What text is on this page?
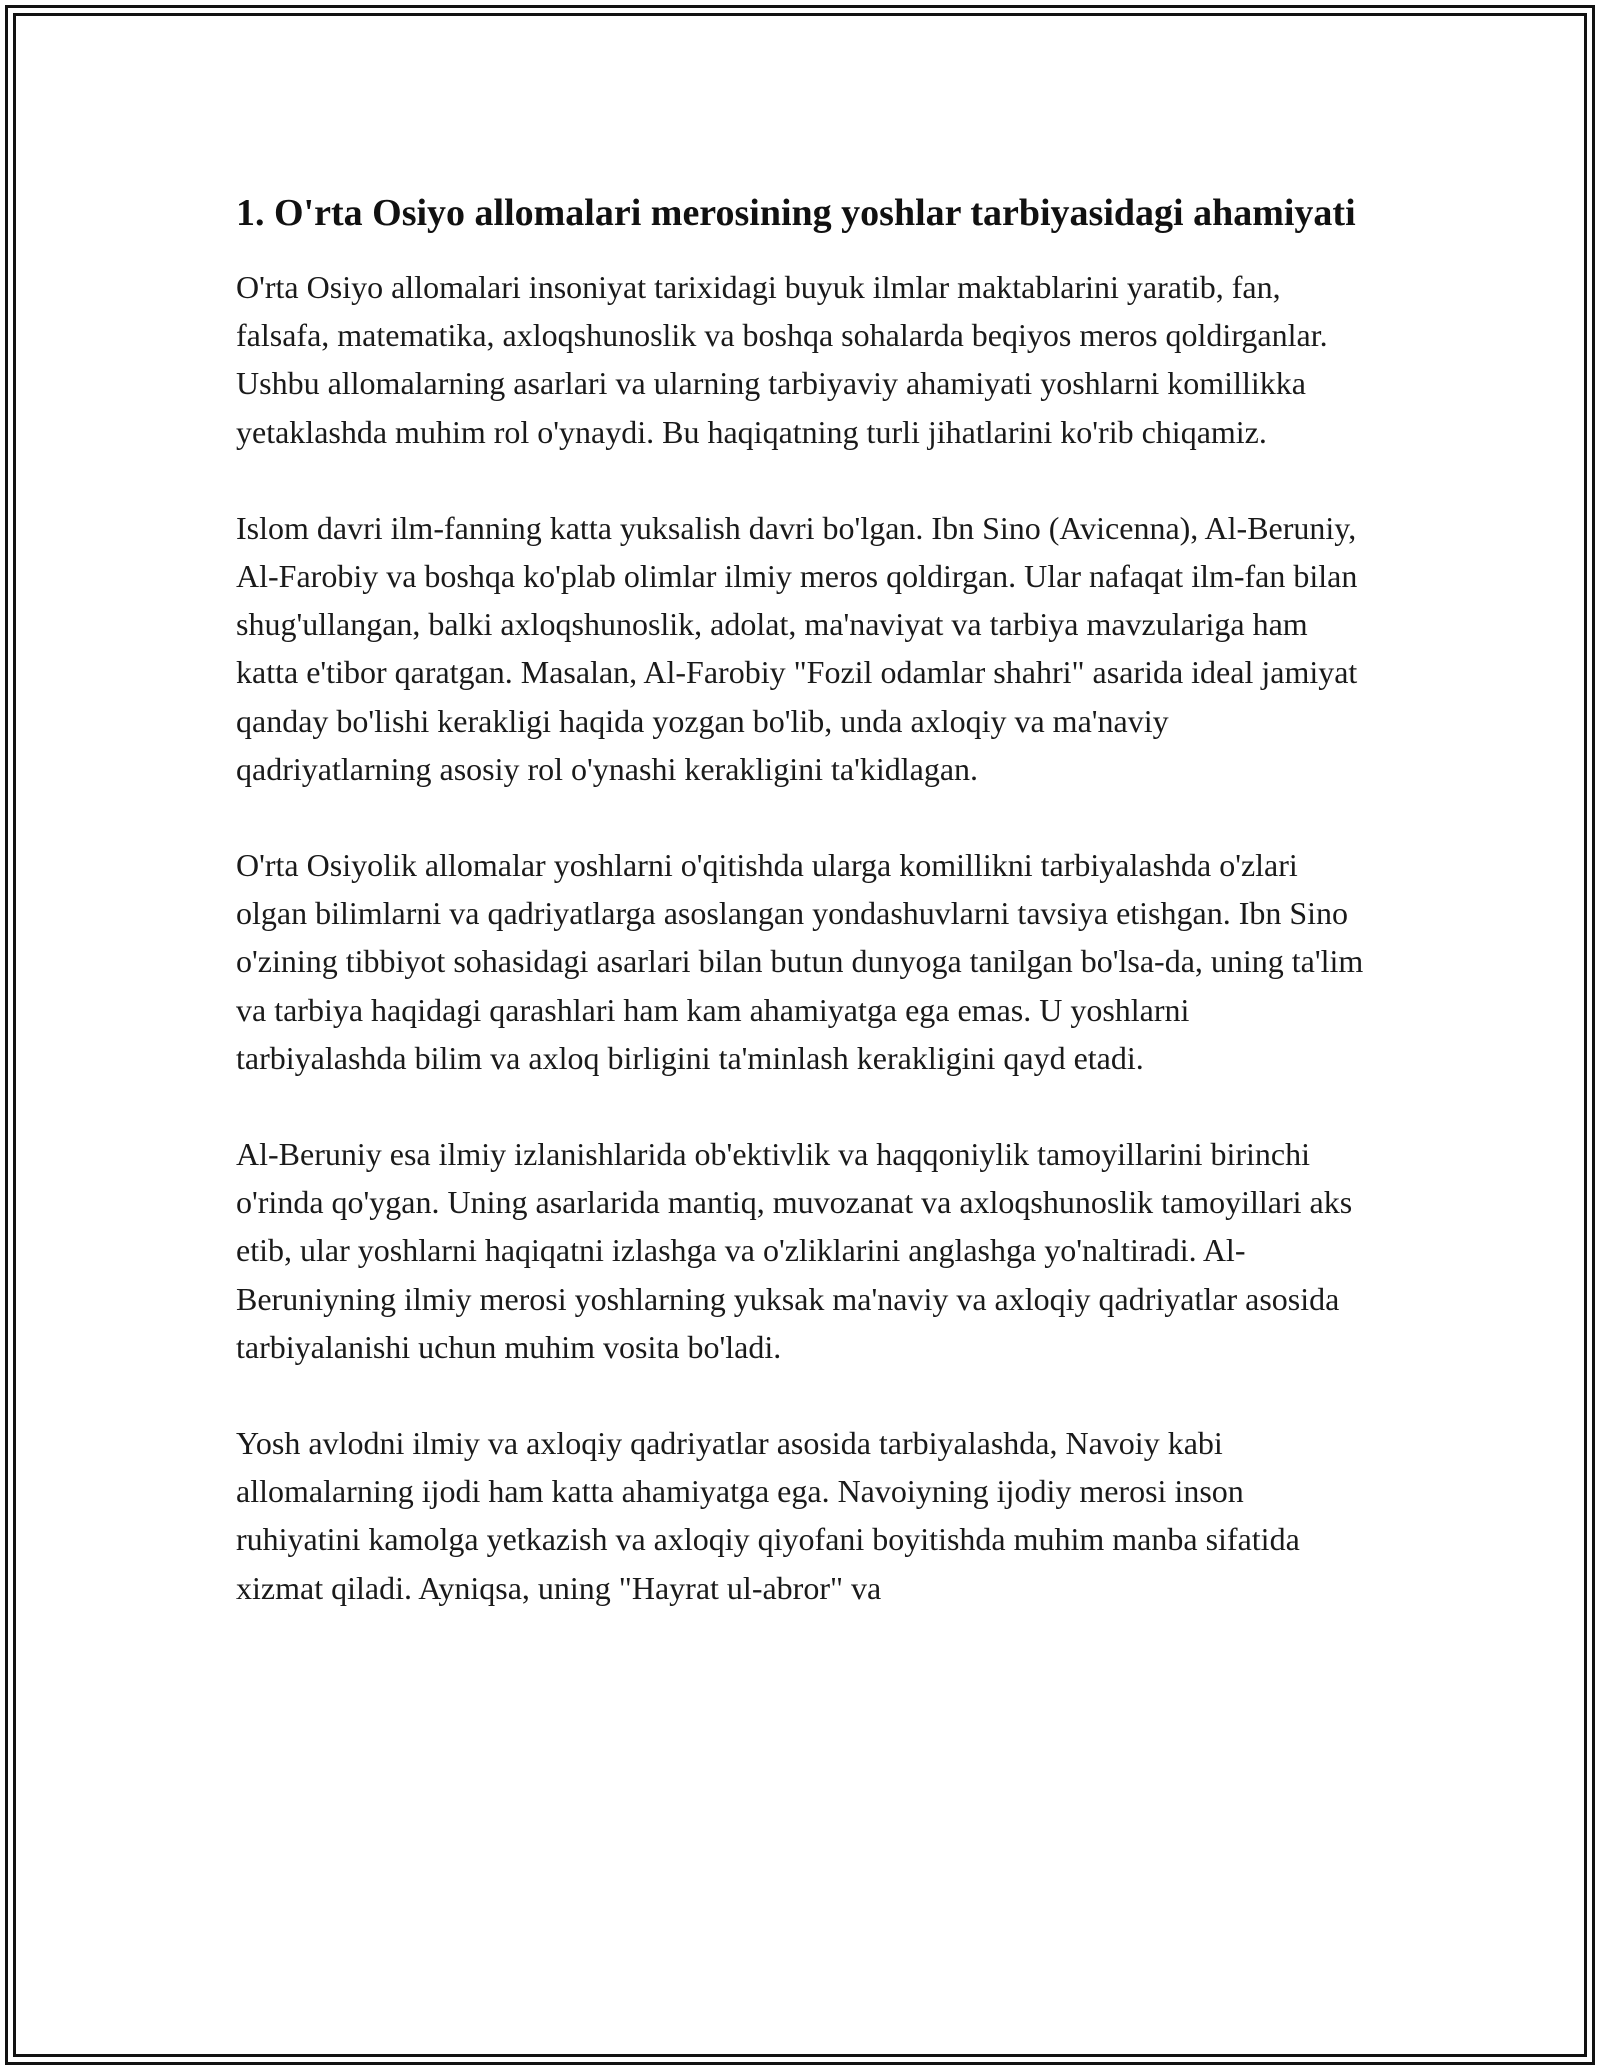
1. O'rta Osiyo allomalari merosining yoshlar tarbiyasidagi ahamiyati

O'rta Osiyo allomalari insoniyat tarixidagi buyuk ilmlar maktablarini yaratib, fan, falsafa, matematika, axloqshunoslik va boshqa sohalarda beqiyos meros qoldirganlar. Ushbu allomalarning asarlari va ularning tarbiyaviy ahamiyati yoshlarni komillikka yetaklashda muhim rol o'ynaydi. Bu haqiqatning turli jihatlarini ko'rib chiqamiz.

Islom davri ilm-fanning katta yuksalish davri bo'lgan. Ibn Sino (Avicenna), Al-Beruniy, Al-Farobiy va boshqa ko'plab olimlar ilmiy meros qoldirgan. Ular nafaqat ilm-fan bilan shug'ullangan, balki axloqshunoslik, adolat, ma'naviyat va tarbiya mavzulariga ham katta e'tibor qaratgan. Masalan, Al-Farobiy "Fozil odamlar shahri" asarida ideal jamiyat qanday bo'lishi kerakligi haqida yozgan bo'lib, unda axloqiy va ma'naviy qadriyatlarning asosiy rol o'ynashi kerakligini ta'kidlagan.

O'rta Osiyolik allomalar yoshlarni o'qitishda ularga komillikni tarbiyalashda o'zlari olgan bilimlarni va qadriyatlarga asoslangan yondashuvlarni tavsiya etishgan. Ibn Sino o'zining tibbiyot sohasidagi asarlari bilan butun dunyoga tanilgan bo'lsa-da, uning ta'lim va tarbiya haqidagi qarashlari ham kam ahamiyatga ega emas. U yoshlarni tarbiyalashda bilim va axloq birligini ta'minlash kerakligini qayd etadi.

Al-Beruniy esa ilmiy izlanishlarida ob'ektivlik va haqqoniylik tamoyillarini birinchi o'rinda qo'ygan. Uning asarlarida mantiq, muvozanat va axloqshunoslik tamoyillari aks etib, ular yoshlarni haqiqatni izlashga va o'zliklarini anglashga yo'naltiradi. Al-Beruniyning ilmiy merosi yoshlarning yuksak ma'naviy va axloqiy qadriyatlar asosida tarbiyalanishi uchun muhim vosita bo'ladi.

Yosh avlodni ilmiy va axloqiy qadriyatlar asosida tarbiyalashda, Navoiy kabi allomalarning ijodi ham katta ahamiyatga ega. Navoiyning ijodiy merosi inson ruhiyatini kamolga yetkazish va axloqiy qiyofani boyitishda muhim manba sifatida xizmat qiladi. Ayniqsa, uning "Hayrat ul-abror" va
